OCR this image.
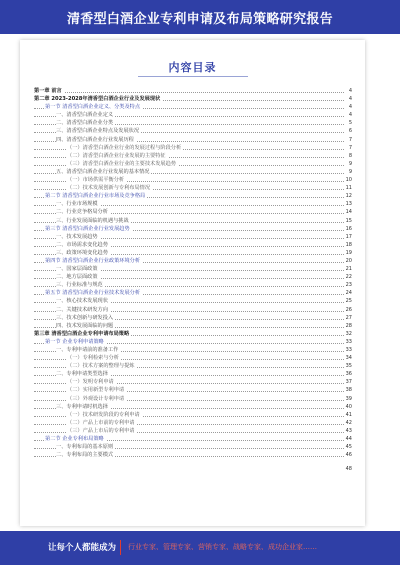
清香型白酒企业专利申请及布局策略研究报告
内容目录
第一章 前言	4
第二章 2023-2028年清香型白酒企业行业及发展现状	4
第一节 清香型白酒企业定义、分类及特点	4
一、清香型白酒企业定义	4
二、清香型白酒企业分类	5
三、清香型白酒企业特点及发展状况	6
四、清香型白酒企业行业发展历程	7
（一）清香型白酒企业行业的发展过程与阶段分析	7
（二）清香型白酒企业行业发展的主要特征	8
（三）清香型白酒企业行业的主要技术发展趋势	9
五、清香型白酒企业行业发展的基本情况	9
（一）市场供需平衡分析	10
（二）技术发展创新与专利布局情况	11
第二节 清香型白酒企业行业市场及竞争格局	12
一、行业市场规模	13
二、行业竞争格局分析	14
三、行业发展面临的机遇与挑战	15
第三节 清香型白酒企业行业发展趋势	16
一、技术发展趋势	17
二、市场需求变化趋势	18
三、政策环境变化趋势	19
第四节 清香型白酒企业行业政策环境分析	20
一、国家层面政策	21
二、地方层面政策	22
三、行业标准与规范	23
第五节 清香型白酒企业行业技术发展分析	24
一、核心技术发展现状	25
二、关键技术研发方向	26
三、技术创新与研发投入	27
四、技术发展面临的问题	28
第三章 清香型白酒企业专利申请布局策略	32
第一节 企业专利申请策略	33
一、专利申请前的准备工作	33
（一）专利检索与分析	34
（二）技术方案的整理与提炼	35
二、专利申请类型选择	36
（一）发明专利申请	37
（二）实用新型专利申请	38
（三）外观设计专利申请	39
三、专利申请时机选择	40
（一）技术研发阶段的专利申请	41
（二）产品上市前的专利申请	42
（三）产品上市后的专利申请	43
第二节 企业专利布局策略	44
一、专利布局的基本原则	45
二、专利布局的主要模式	46
48
让每个人都能成为 行业专家、管理专家、营销专家、战略专家、成功企业家……
